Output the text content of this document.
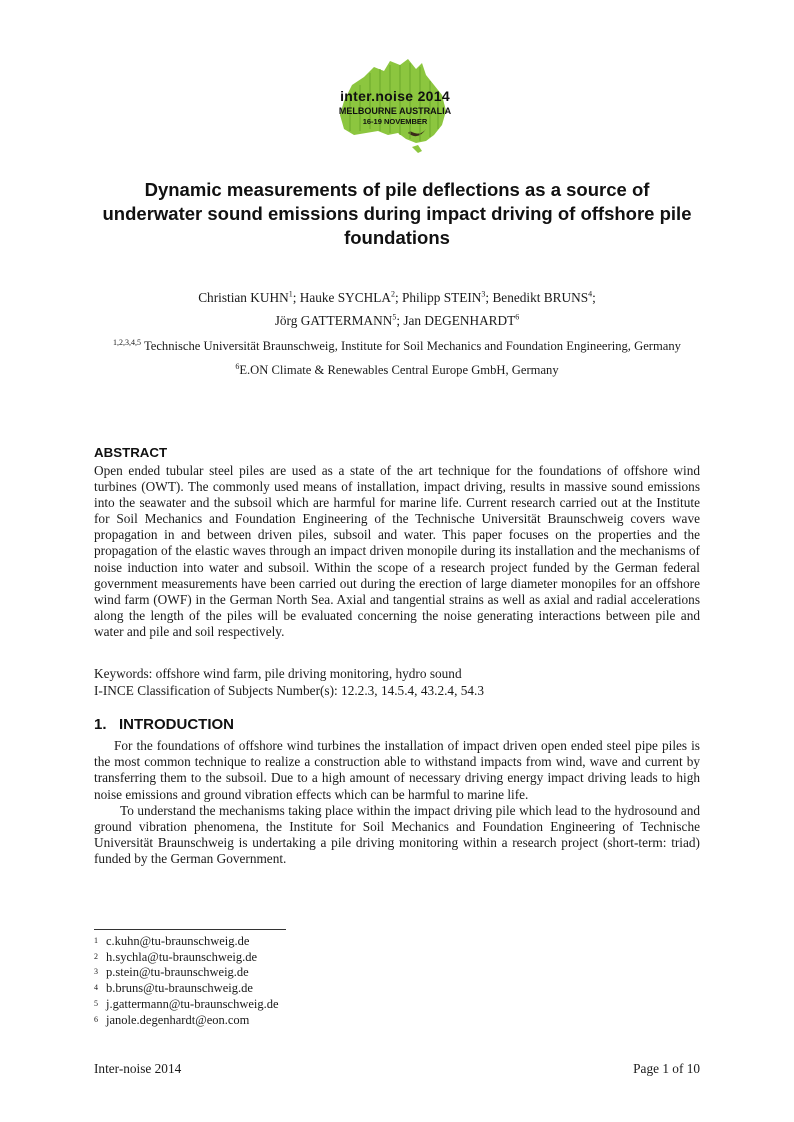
inter.noise 2014
MELBOURNE AUSTRALIA
16-19 NOVEMBER
Dynamic measurements of pile deflections as a source of underwater sound emissions during impact driving of offshore pile foundations
Christian KUHN$^1$; Hauke SYCHLA$^2$; Philipp STEIN$^3$; Benedikt BRUNS$^4$;
Jörg GATTERMANN$^5$; Jan DEGENHARDT$^6$
$^{1,2,3,4,5}$ Technische Universität Braunschweig, Institute for Soil Mechanics and Foundation Engineering, Germany
$^6$E.ON Climate & Renewables Central Europe GmbH, Germany
ABSTRACT
Open ended tubular steel piles are used as a state of the art technique for the foundations of offshore wind turbines (OWT). The commonly used means of installation, impact driving, results in massive sound emissions into the seawater and the subsoil which are harmful for marine life. Current research carried out at the Institute for Soil Mechanics and Foundation Engineering of the Technische Universität Braunschweig covers wave propagation in and between driven piles, subsoil and water. This paper focuses on the properties and the propagation of the elastic waves through an impact driven monopile during its installation and the mechanisms of noise induction into water and subsoil. Within the scope of a research project funded by the German federal government measurements have been carried out during the erection of large diameter monopiles for an offshore wind farm (OWF) in the German North Sea. Axial and tangential strains as well as axial and radial accelerations along the length of the piles will be evaluated concerning the noise generating interactions between pile and water and pile and soil respectively.
Keywords: offshore wind farm, pile driving monitoring, hydro sound
I-INCE Classification of Subjects Number(s): 12.2.3, 14.5.4, 43.2.4, 54.3
1.   INTRODUCTION

For the foundations of offshore wind turbines the installation of impact driven open ended steel pipe piles is the most common technique to realize a construction able to withstand impacts from wind, wave and current by transferring them to the subsoil. Due to a high amount of necessary driving energy impact driving leads to high noise emissions and ground vibration effects which can be harmful to marine life.

To understand the mechanisms taking place within the impact driving pile which lead to the hydrosound and ground vibration phenomena, the Institute for Soil Mechanics and Foundation Engineering of Technische Universität Braunschweig is undertaking a pile driving monitoring within a research project (short-term: triad) funded by the German Government.

1 c.kuhn@tu-braunschweig.de
2 h.sychla@tu-braunschweig.de
3 p.stein@tu-braunschweig.de
4 b.bruns@tu-braunschweig.de
5 j.gattermann@tu-braunschweig.de
6 janole.degenhardt@eon.com
Inter-noise 2014	Page 1 of 10
